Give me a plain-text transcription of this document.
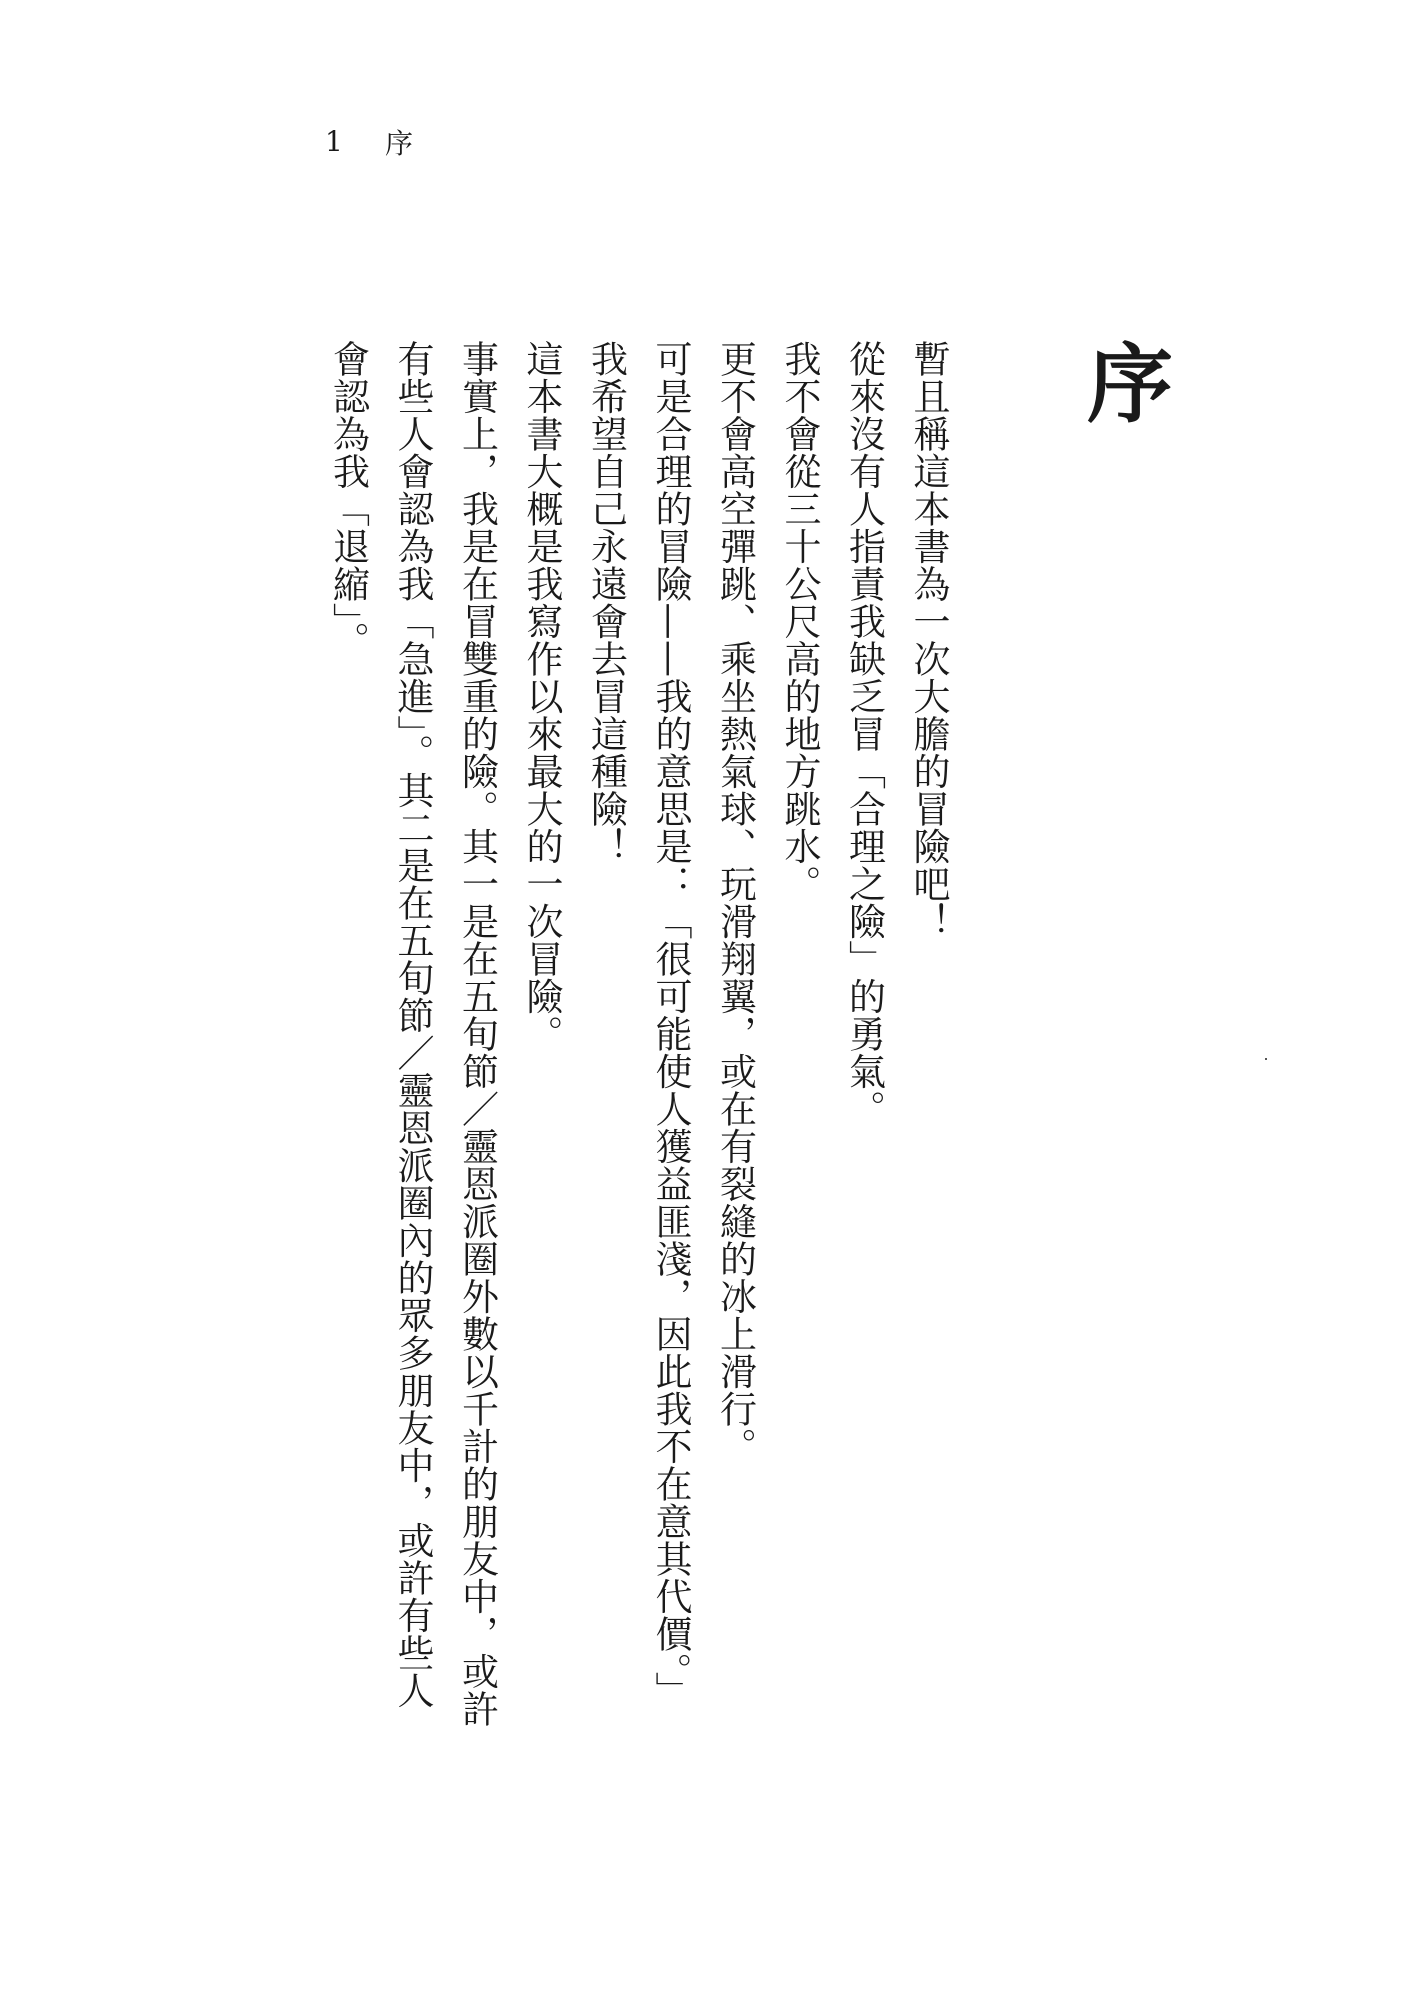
1 序
序

暫且稱這本書為一次大膽的冒險吧！

從來沒有人指責我缺乏冒「合理之險」的勇氣。

我不會從三十公尺高的地方跳水。

更不會高空彈跳、乘坐熱氣球、玩滑翔翼，或在有裂縫的冰上滑行。

可是合理的冒險——我的意思是：「很可能使人獲益匪淺，因此我不在意其代價。」

我希望自己永遠會去冒這種險！

這本書大概是我寫作以來最大的一次冒險。

事實上，我是在冒雙重的險。其一是在五旬節／靈恩派圈外數以千計的朋友中，或許有些人會認為我「急進」。其二是在五旬節／靈恩派圈內的眾多朋友中，或許有些人會認為我「退縮」。
